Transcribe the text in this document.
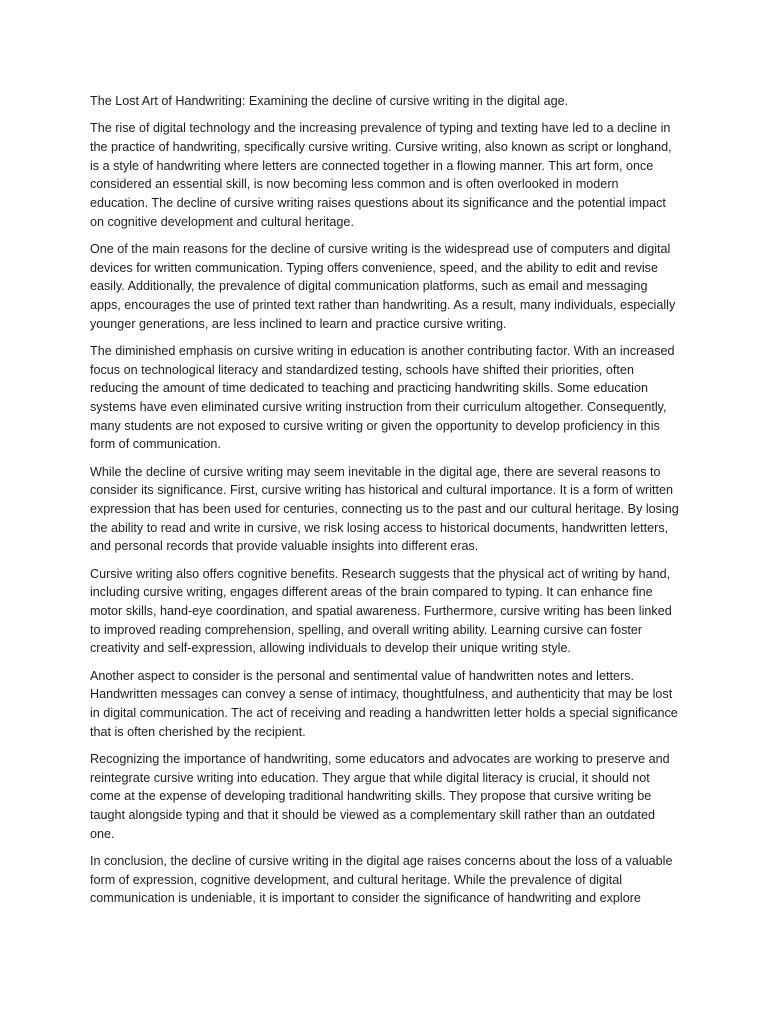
The Lost Art of Handwriting: Examining the decline of cursive writing in the digital age.

The rise of digital technology and the increasing prevalence of typing and texting have led to a decline in the practice of handwriting, specifically cursive writing. Cursive writing, also known as script or longhand, is a style of handwriting where letters are connected together in a flowing manner. This art form, once considered an essential skill, is now becoming less common and is often overlooked in modern education. The decline of cursive writing raises questions about its significance and the potential impact on cognitive development and cultural heritage.

One of the main reasons for the decline of cursive writing is the widespread use of computers and digital devices for written communication. Typing offers convenience, speed, and the ability to edit and revise easily. Additionally, the prevalence of digital communication platforms, such as email and messaging apps, encourages the use of printed text rather than handwriting. As a result, many individuals, especially younger generations, are less inclined to learn and practice cursive writing.

The diminished emphasis on cursive writing in education is another contributing factor. With an increased focus on technological literacy and standardized testing, schools have shifted their priorities, often reducing the amount of time dedicated to teaching and practicing handwriting skills. Some education systems have even eliminated cursive writing instruction from their curriculum altogether. Consequently, many students are not exposed to cursive writing or given the opportunity to develop proficiency in this form of communication.

While the decline of cursive writing may seem inevitable in the digital age, there are several reasons to consider its significance. First, cursive writing has historical and cultural importance. It is a form of written expression that has been used for centuries, connecting us to the past and our cultural heritage. By losing the ability to read and write in cursive, we risk losing access to historical documents, handwritten letters, and personal records that provide valuable insights into different eras.

Cursive writing also offers cognitive benefits. Research suggests that the physical act of writing by hand, including cursive writing, engages different areas of the brain compared to typing. It can enhance fine motor skills, hand-eye coordination, and spatial awareness. Furthermore, cursive writing has been linked to improved reading comprehension, spelling, and overall writing ability. Learning cursive can foster creativity and self-expression, allowing individuals to develop their unique writing style.

Another aspect to consider is the personal and sentimental value of handwritten notes and letters. Handwritten messages can convey a sense of intimacy, thoughtfulness, and authenticity that may be lost in digital communication. The act of receiving and reading a handwritten letter holds a special significance that is often cherished by the recipient.

Recognizing the importance of handwriting, some educators and advocates are working to preserve and reintegrate cursive writing into education. They argue that while digital literacy is crucial, it should not come at the expense of developing traditional handwriting skills. They propose that cursive writing be taught alongside typing and that it should be viewed as a complementary skill rather than an outdated one.

In conclusion, the decline of cursive writing in the digital age raises concerns about the loss of a valuable form of expression, cognitive development, and cultural heritage. While the prevalence of digital communication is undeniable, it is important to consider the significance of handwriting and explore
